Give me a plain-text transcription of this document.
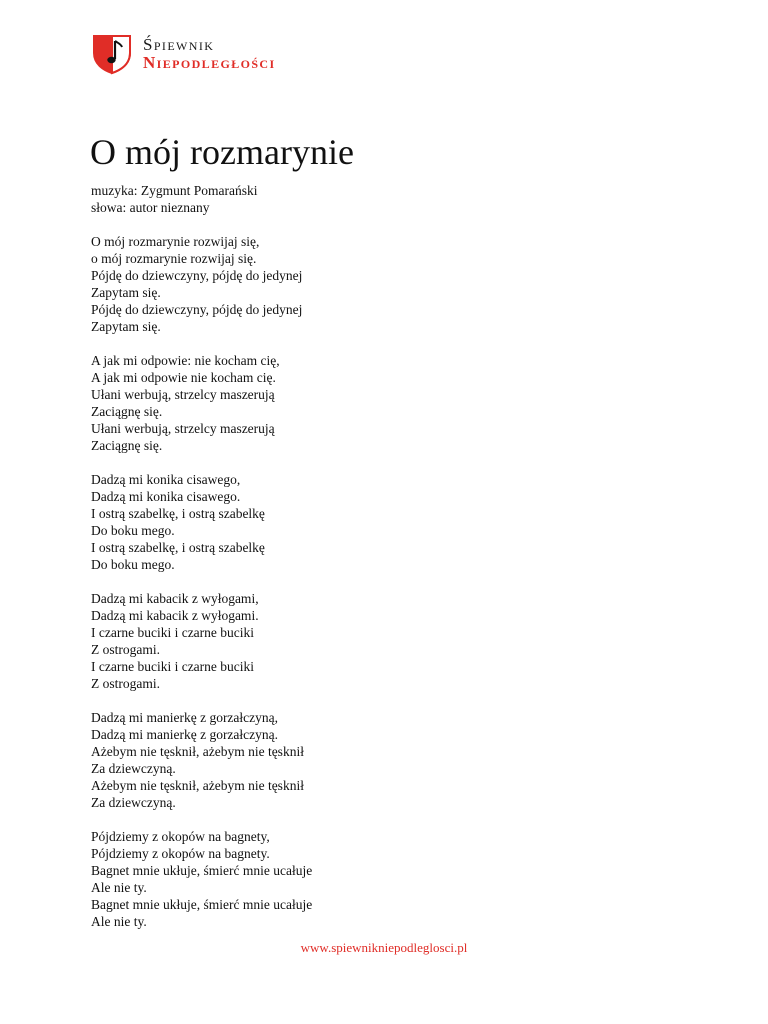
Śpiewnik
Niepodległości
O mój rozmarynie
muzyka: Zygmunt Pomarański
słowa: autor nieznany
O mój rozmarynie rozwijaj się,
o mój rozmarynie rozwijaj się.
Pójdę do dziewczyny, pójdę do jedynej
Zapytam się.
Pójdę do dziewczyny, pójdę do jedynej
Zapytam się.
A jak mi odpowie: nie kocham cię,
A jak mi odpowie nie kocham cię.
Ułani werbują, strzelcy maszerują
Zaciągnę się.
Ułani werbują, strzelcy maszerują
Zaciągnę się.
Dadzą mi konika cisawego,
Dadzą mi konika cisawego.
I ostrą szabelkę, i ostrą szabelkę
Do boku mego.
I ostrą szabelkę, i ostrą szabelkę
Do boku mego.
Dadzą mi kabacik z wyłogami,
Dadzą mi kabacik z wyłogami.
I czarne buciki i czarne buciki
Z ostrogami.
I czarne buciki i czarne buciki
Z ostrogami.
Dadzą mi manierkę z gorzałczyną,
Dadzą mi manierkę z gorzałczyną.
Ażebym nie tęsknił, ażebym nie tęsknił
Za dziewczyną.
Ażebym nie tęsknił, ażebym nie tęsknił
Za dziewczyną.
Pójdziemy z okopów na bagnety,
Pójdziemy z okopów na bagnety.
Bagnet mnie ukłuje, śmierć mnie ucałuje
Ale nie ty.
Bagnet mnie ukłuje, śmierć mnie ucałuje
Ale nie ty.
www.spiewnikniepodleglosci.pl
